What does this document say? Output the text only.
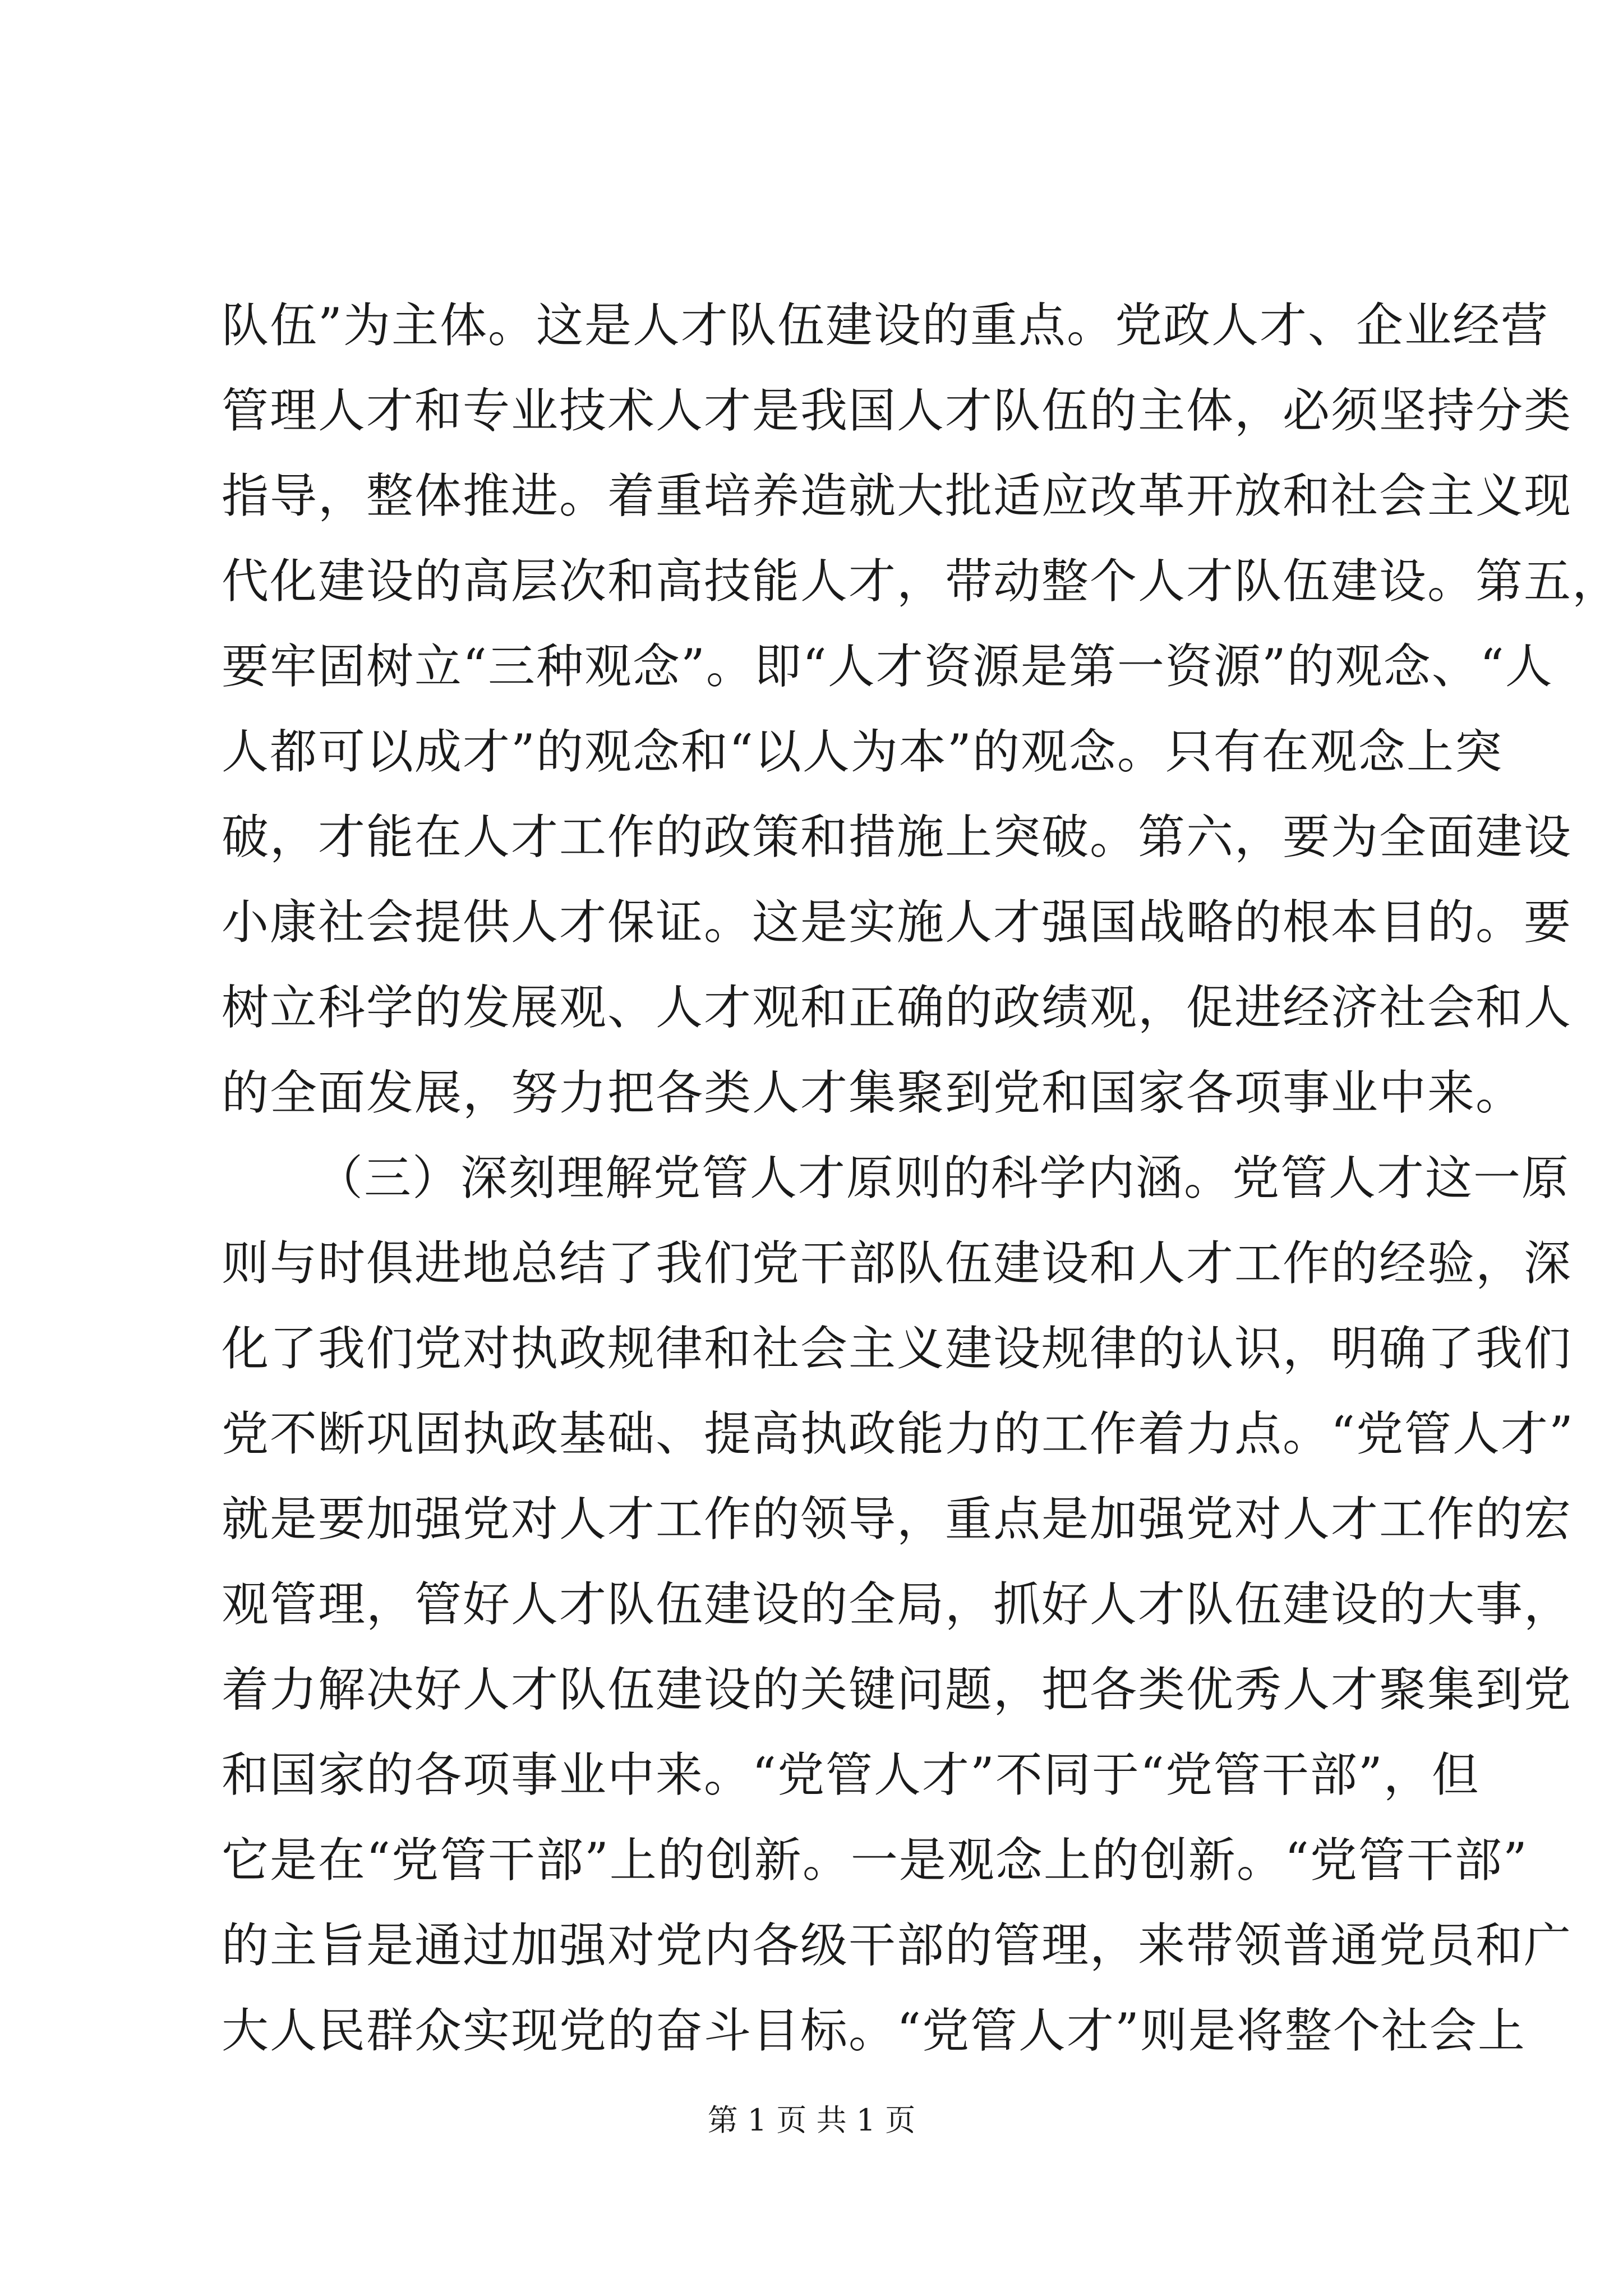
队伍”为主体。这是人才队伍建设的重点。党政人才、企业经营
管理人才和专业技术人才是我国人才队伍的主体，必须坚持分类
指导，整体推进。着重培养造就大批适应改革开放和社会主义现
代化建设的高层次和高技能人才，带动整个人才队伍建设。第五，
要牢固树立“三种观念”。即“人才资源是第一资源”的观念、“人
人都可以成才”的观念和“以人为本”的观念。只有在观念上突
破，才能在人才工作的政策和措施上突破。第六，要为全面建设
小康社会提供人才保证。这是实施人才强国战略的根本目的。要
树立科学的发展观、人才观和正确的政绩观，促进经济社会和人
的全面发展，努力把各类人才集聚到党和国家各项事业中来。
（三）深刻理解党管人才原则的科学内涵。党管人才这一原
则与时俱进地总结了我们党干部队伍建设和人才工作的经验，深
化了我们党对执政规律和社会主义建设规律的认识，明确了我们
党不断巩固执政基础、提高执政能力的工作着力点。“党管人才”
就是要加强党对人才工作的领导，重点是加强党对人才工作的宏
观管理，管好人才队伍建设的全局，抓好人才队伍建设的大事，
着力解决好人才队伍建设的关键问题，把各类优秀人才聚集到党
和国家的各项事业中来。“党管人才”不同于“党管干部”，但
它是在“党管干部”上的创新。一是观念上的创新。“党管干部”
的主旨是通过加强对党内各级干部的管理，来带领普通党员和广
大人民群众实现党的奋斗目标。“党管人才”则是将整个社会上
第 1 页 共 1 页
